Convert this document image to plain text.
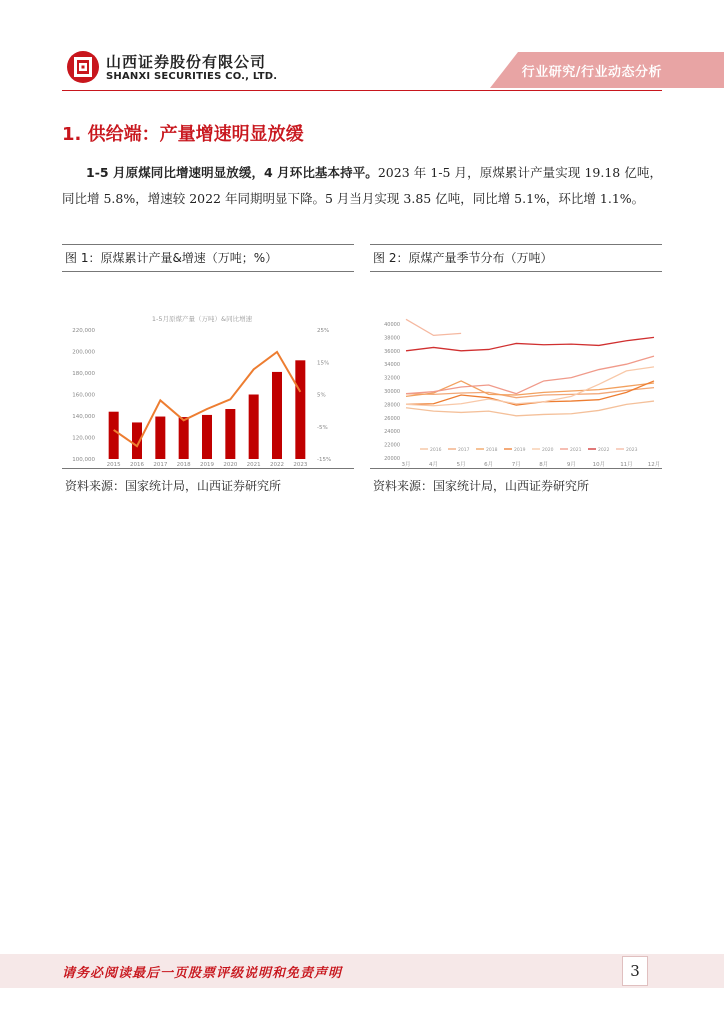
山西证券股份有限公司
SHANXI SECURITIES CO., LTD.	行业研究/行业动态分析
1. 供给端：产量增速明显放缓
1-5 月原煤同比增速明显放缓，4 月环比基本持平。2023 年 1-5 月，原煤累计产量实现 19.18 亿吨，同比增 5.8%，增速较 2022 年同期明显下降。5 月当月实现 3.85 亿吨，同比增 5.1%，环比增 1.1%。
图 1：原煤累计产量&增速（万吨；%）
1-5月原煤产量（万吨）&同比增速
100,000
120,000
140,000
160,000
180,000
200,000
220,000
-15%
-5%
5%
15%
25%
2015 2016 2017 2018 2019 2020 2021 2022 2023
资料来源：国家统计局，山西证券研究所
图 2：原煤产量季节分布（万吨）
20000
22000
24000
26000
28000
30000
32000
34000
36000
38000
40000
3月	4月	5月	6月	7月	8月	9月	10月	11月	12月
2016	2017	2018	2019	2020	2021	2022	2023
资料来源：国家统计局，山西证券研究所
请务必阅读最后一页股票评级说明和免责声明	3
